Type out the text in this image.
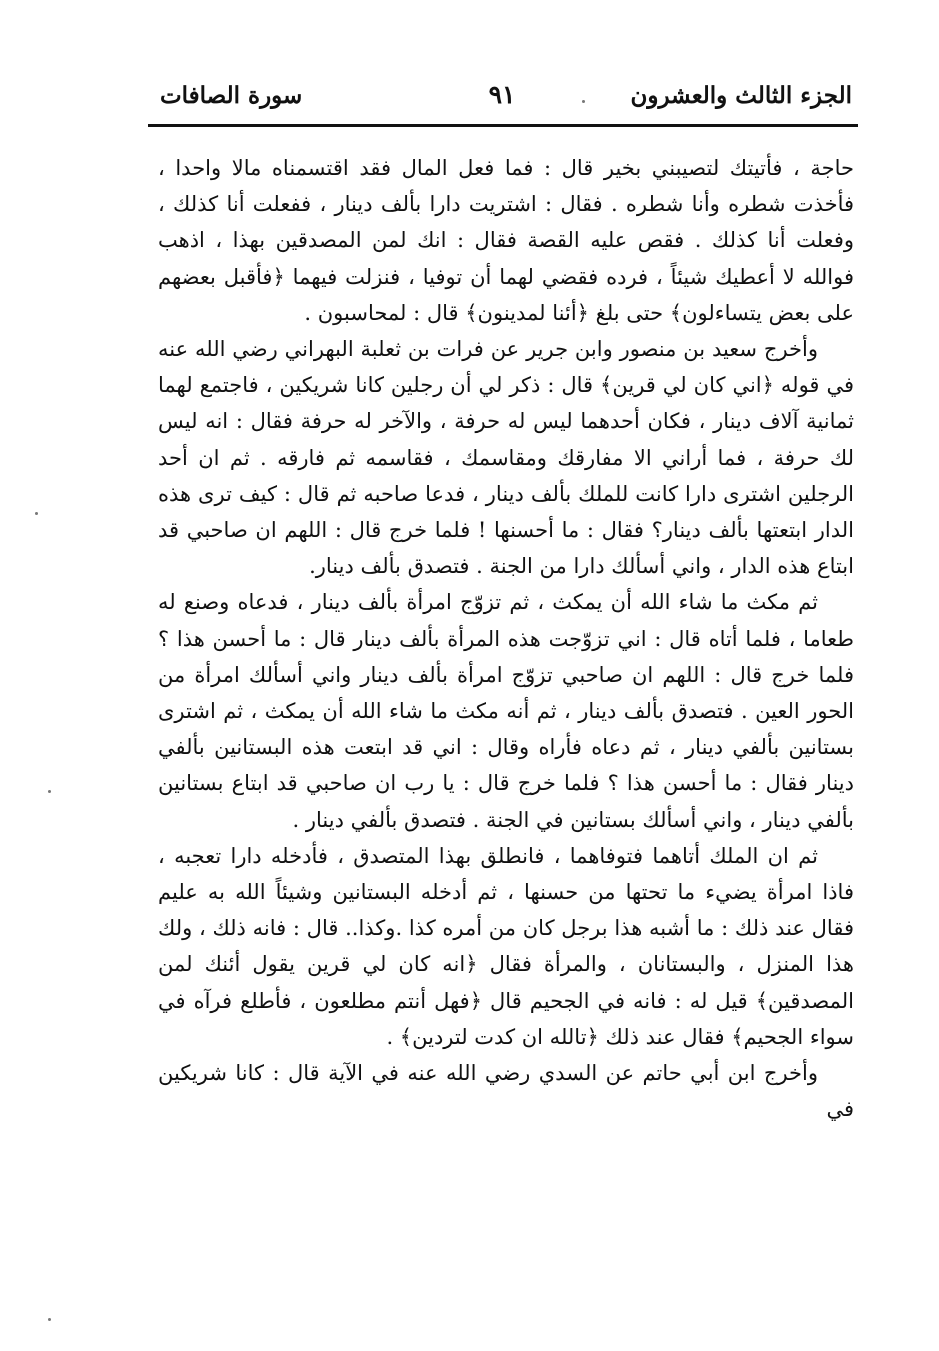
الجزء الثالث والعشرون
٩١
سورة الصافات

حاجة ، فأتيتك لتصيبني بخير قال : فما فعل المال فقد اقتسمناه مالا واحدا ، فأخذت شطره وأنا شطره . فقال : اشتريت دارا بألف دينار ، ففعلت أنا كذلك ، وفعلت أنا كذلك . فقص عليه القصة فقال : انك لمن المصدقين بهذا ، اذهب فوالله لا أعطيك شيئاً ، فرده فقضي لهما أن توفيا ، فنزلت فيهما ﴿فأقبل بعضهم على بعض يتساءلون﴾ حتى بلغ ﴿أئنا لمدينون﴾ قال : لمحاسبون .

وأخرج سعيد بن منصور وابن جرير عن فرات بن ثعلبة البهراني رضي الله عنه في قوله ﴿اني كان لي قرين﴾ قال : ذكر لي أن رجلين كانا شريكين ، فاجتمع لهما ثمانية آلاف دينار ، فكان أحدهما ليس له حرفة ، والآخر له حرفة فقال : انه ليس لك حرفة ، فما أراني الا مفارقك ومقاسمك ، فقاسمه ثم فارقه . ثم ان أحد الرجلين اشترى دارا كانت للملك بألف دينار ، فدعا صاحبه ثم قال : كيف ترى هذه الدار ابتعتها بألف دينار؟ فقال : ما أحسنها ! فلما خرج قال : اللهم ان صاحبي قد ابتاع هذه الدار ، واني أسألك دارا من الجنة . فتصدق بألف دينار.

ثم مكث ما شاء الله أن يمكث ، ثم تزوّج امرأة بألف دينار ، فدعاه وصنع له طعاما ، فلما أتاه قال : اني تزوّجت هذه المرأة بألف دينار قال : ما أحسن هذا ؟ فلما خرج قال : اللهم ان صاحبي تزوّج امرأة بألف دينار واني أسألك امرأة من الحور العين . فتصدق بألف دينار ، ثم أنه مكث ما شاء الله أن يمكث ، ثم اشترى بستانين بألفي دينار ، ثم دعاه فأراه وقال : اني قد ابتعت هذه البستانين بألفي دينار فقال : ما أحسن هذا ؟ فلما خرج قال : يا رب ان صاحبي قد ابتاع بستانين بألفي دينار ، واني أسألك بستانين في الجنة . فتصدق بألفي دينار .

ثم ان الملك أتاهما فتوفاهما ، فانطلق بهذا المتصدق ، فأدخله دارا تعجبه ، فاذا امرأة يضيء ما تحتها من حسنها ، ثم أدخله البستانين وشيئاً الله به عليم فقال عند ذلك : ما أشبه هذا برجل كان من أمره كذا .وكذا.. قال : فانه ذلك ، ولك هذا المنزل ، والبستانان ، والمرأة فقال ﴿انه كان لي قرين يقول أئنك لمن المصدقين﴾ قيل له : فانه في الجحيم قال ﴿فهل أنتم مطلعون ، فأطلع فرآه في سواء الجحيم﴾ فقال عند ذلك ﴿تالله ان كدت لتردين﴾ .

وأخرج ابن أبي حاتم عن السدي رضي الله عنه في الآية قال : كانا شريكين في
